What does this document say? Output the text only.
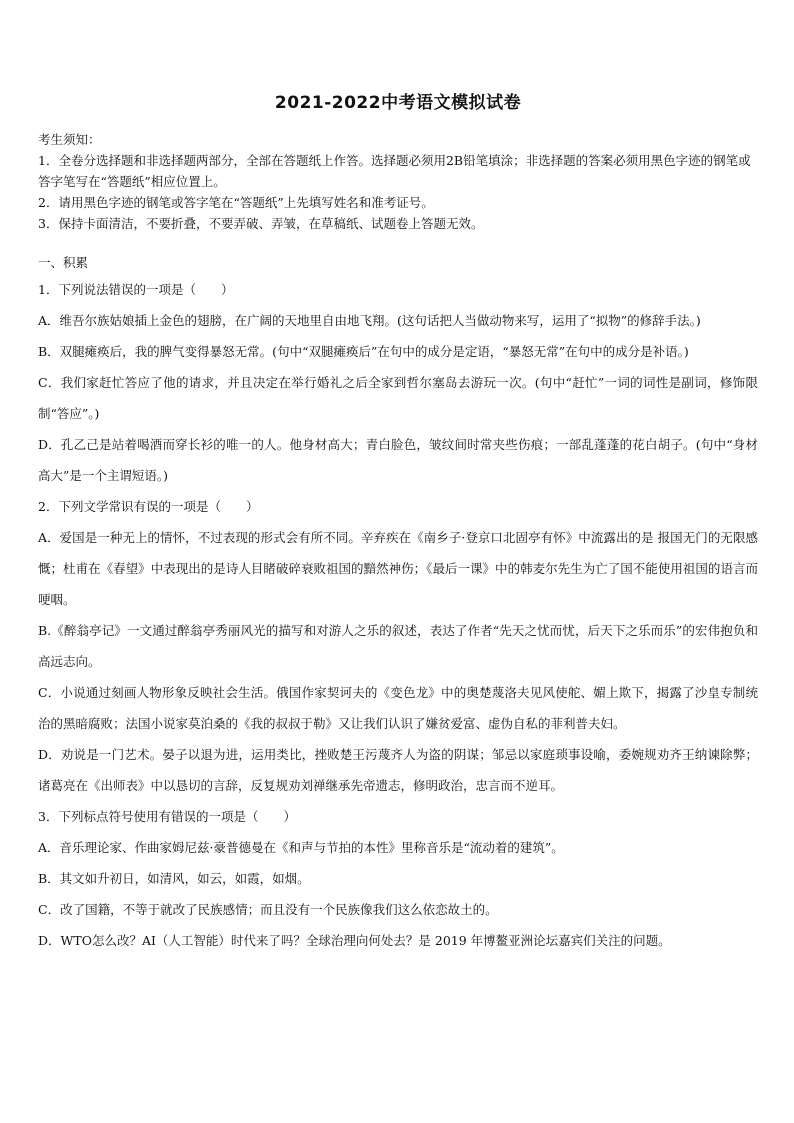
2021-2022中考语文模拟试卷

考生须知：

1．全卷分选择题和非选择题两部分，全部在答题纸上作答。选择题必须用2B铅笔填涂；非选择题的答案必须用黑色字迹的钢笔或答字笔写在“答题纸”相应位置上。

2．请用黑色字迹的钢笔或答字笔在“答题纸”上先填写姓名和准考证号。

3．保持卡面清洁，不要折叠，不要弄破、弄皱，在草稿纸、试题卷上答题无效。

一、积累

1．下列说法错误的一项是（　　）

A．维吾尔族姑娘插上金色的翅膀，在广阔的天地里自由地飞翔。(这句话把人当做动物来写，运用了“拟物”的修辞手法。)

B．双腿瘫痪后，我的脾气变得暴怒无常。(句中“双腿瘫痪后”在句中的成分是定语，“暴怒无常”在句中的成分是补语。)

C．我们家赶忙答应了他的请求，并且决定在举行婚礼之后全家到哲尔塞岛去游玩一次。(句中“赶忙”一词的词性是副词，修饰限制“答应”。)

D．孔乙己是站着喝酒而穿长衫的唯一的人。他身材高大；青白脸色，皱纹间时常夹些伤痕；一部乱蓬蓬的花白胡子。(句中“身材高大”是一个主谓短语。)

2．下列文学常识有误的一项是（　　）

A．爱国是一种无上的情怀，不过表现的形式会有所不同。辛弃疾在《南乡子·登京口北固亭有怀》中流露出的是 报国无门的无限感慨；杜甫在《春望》中表现出的是诗人目睹破碎衰败祖国的黯然神伤；《最后一课》中的韩麦尔先生为亡了国不能使用祖国的语言而哽咽。

B.《醉翁亭记》一文通过醉翁亭秀丽风光的描写和对游人之乐的叙述，表达了作者“先天之忧而忧，后天下之乐而乐”的宏伟抱负和高远志向。

C．小说通过刻画人物形象反映社会生活。俄国作家契诃夫的《变色龙》中的奥楚蔑洛夫见风使舵、媚上欺下，揭露了沙皇专制统治的黑暗腐败；法国小说家莫泊桑的《我的叔叔于勒》又让我们认识了嫌贫爱富、虚伪自私的菲利普夫妇。

D．劝说是一门艺术。晏子以退为进，运用类比，挫败楚王污蔑齐人为盗的阴谋；邹忌以家庭琐事设喻，委婉规劝齐王纳谏除弊；诸葛亮在《出师表》中以恳切的言辞，反复规劝刘禅继承先帝遗志，修明政治，忠言而不逆耳。

3．下列标点符号使用有错误的一项是（　　）

A．音乐理论家、作曲家姆尼兹·豪普德曼在《和声与节拍的本性》里称音乐是“流动着的建筑”。

B．其文如升初日，如清风，如云，如霞，如烟。

C．改了国籍，不等于就改了民族感情；而且没有一个民族像我们这么依恋故土的。

D．WTO怎么改？AI（人工智能）时代来了吗？全球治理向何处去？是 2019 年博鳌亚洲论坛嘉宾们关注的问题。
